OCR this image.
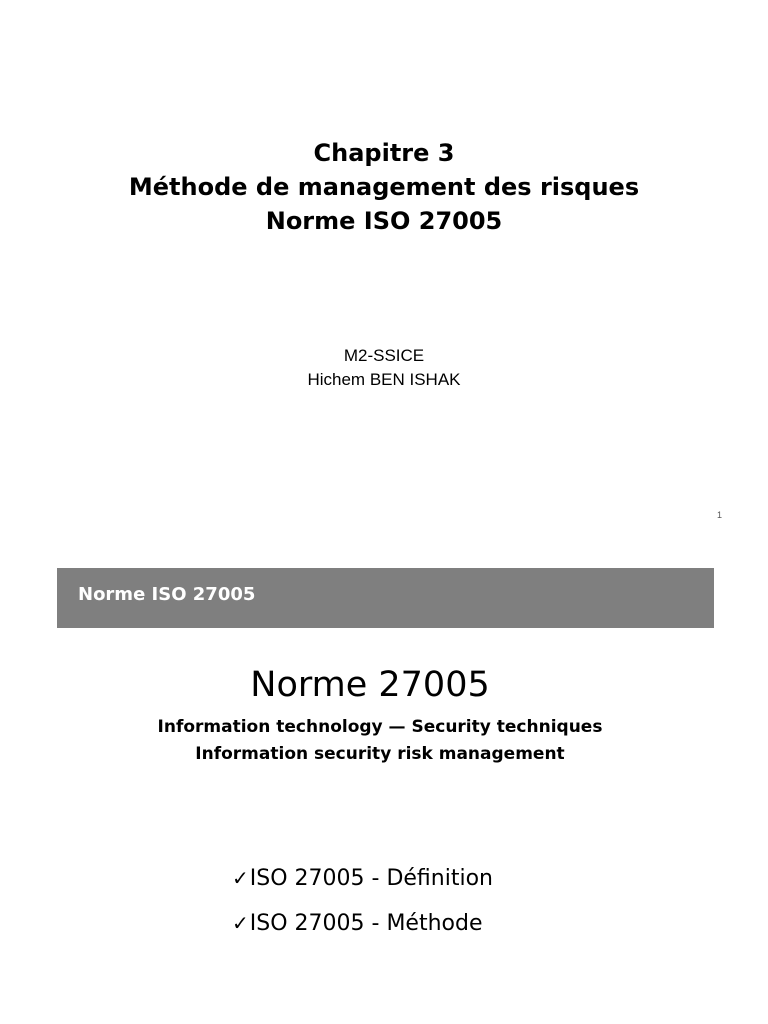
Chapitre 3
Méthode de management des risques
Norme ISO 27005
M2-SSICE
Hichem BEN ISHAK
1
Norme ISO 27005
Norme 27005
Information technology — Security techniques
Information security risk management
✓ISO 27005 - Définition
✓ISO 27005 - Méthode
